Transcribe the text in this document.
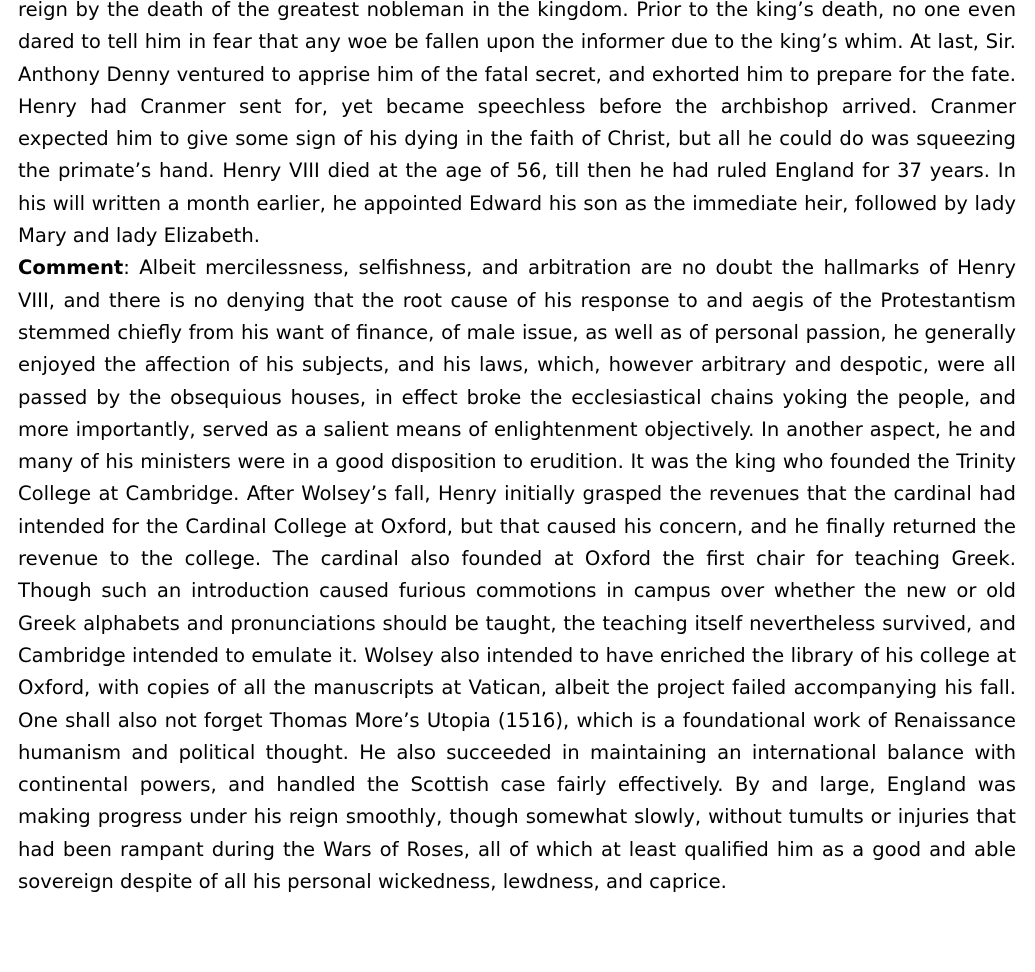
reign by the death of the greatest nobleman in the kingdom. Prior to the king’s death, no one even dared to tell him in fear that any woe be fallen upon the informer due to the king’s whim. At last, Sir. Anthony Denny ventured to apprise him of the fatal secret, and exhorted him to prepare for the fate. Henry had Cranmer sent for, yet became speechless before the archbishop arrived. Cranmer expected him to give some sign of his dying in the faith of Christ, but all he could do was squeezing the primate’s hand. Henry VIII died at the age of 56, till then he had ruled England for 37 years. In his will written a month earlier, he appointed Edward his son as the immediate heir, followed by lady Mary and lady Elizabeth.

Comment: Albeit mercilessness, selfishness, and arbitration are no doubt the hallmarks of Henry VIII, and there is no denying that the root cause of his response to and aegis of the Protestantism stemmed chiefly from his want of finance, of male issue, as well as of personal passion, he generally enjoyed the affection of his subjects, and his laws, which, however arbitrary and despotic, were all passed by the obsequious houses, in effect broke the ecclesiastical chains yoking the people, and more importantly, served as a salient means of enlightenment objectively. In another aspect, he and many of his ministers were in a good disposition to erudition. It was the king who founded the Trinity College at Cambridge. After Wolsey’s fall, Henry initially grasped the revenues that the cardinal had intended for the Cardinal College at Oxford, but that caused his concern, and he finally returned the revenue to the college. The cardinal also founded at Oxford the first chair for teaching Greek. Though such an introduction caused furious commotions in campus over whether the new or old Greek alphabets and pronunciations should be taught, the teaching itself nevertheless survived, and Cambridge intended to emulate it. Wolsey also intended to have enriched the library of his college at Oxford, with copies of all the manuscripts at Vatican, albeit the project failed accompanying his fall. One shall also not forget Thomas More’s Utopia (1516), which is a foundational work of Renaissance humanism and political thought. He also succeeded in maintaining an international balance with continental powers, and handled the Scottish case fairly effectively. By and large, England was making progress under his reign smoothly, though somewhat slowly, without tumults or injuries that had been rampant during the Wars of Roses, all of which at least qualified him as a good and able sovereign despite of all his personal wickedness, lewdness, and caprice.
